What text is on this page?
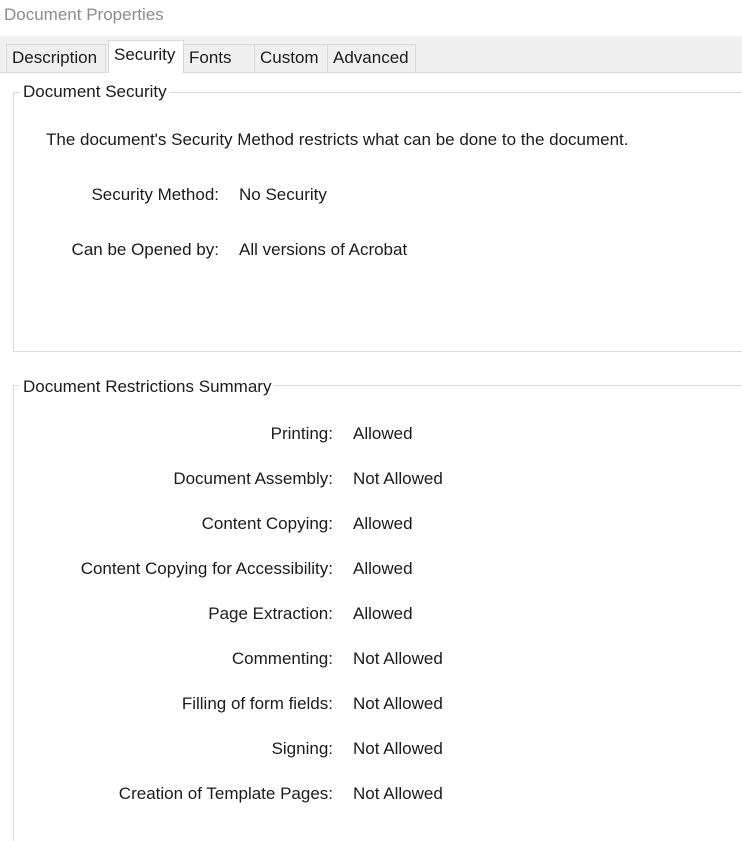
Document Properties
Description Security Fonts	Custom Advanced
Document Security
The document's Security Method restricts what can be done to the document.
Security Method: No Security
Can be Opened by: All versions of Acrobat
Document Restrictions Summary
Printing: Allowed
Document Assembly: Not Allowed
Content Copying: Allowed
Content Copying for Accessibility: Allowed
Page Extraction: Allowed
Commenting: Not Allowed
Filling of form fields: Not Allowed
Signing: Not Allowed
Creation of Template Pages: Not Allowed
